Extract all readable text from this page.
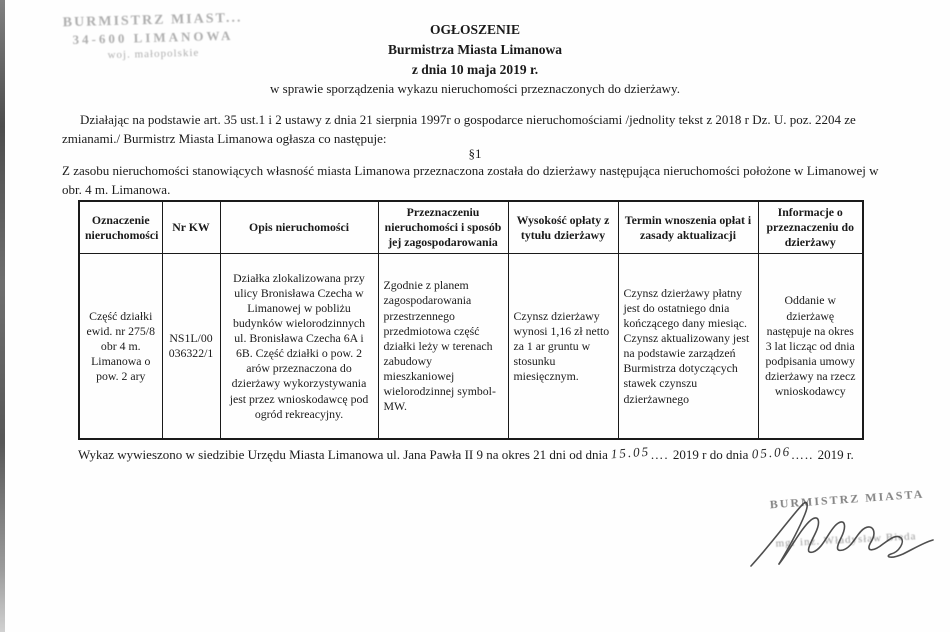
BURMISTRZ MIAST...
34-600 LIMANOWA
woj. małopolskie
OGŁOSZENIE
Burmistrza Miasta Limanowa
z dnia 10 maja 2019 r.
w sprawie sporządzenia wykazu nieruchomości przeznaczonych do dzierżawy.
Działając na podstawie art. 35 ust.1 i 2 ustawy z dnia 21 sierpnia 1997r o gospodarce nieruchomościami /jednolity tekst z 2018 r Dz. U. poz. 2204 ze zmianami./ Burmistrz Miasta Limanowa ogłasza co następuje:
§1
Z zasobu nieruchomości stanowiących własność miasta Limanowa przeznaczona została do dzierżawy następująca nieruchomości położone w Limanowej w obr. 4 m. Limanowa.
Oznaczenie nieruchomości	Nr KW	Opis nieruchomości	Przeznaczeniu nieruchomości i sposób jej zagospodarowania	Wysokość opłaty z tytułu dzierżawy	Termin wnoszenia opłat i zasady aktualizacji	Informacje o przeznaczeniu do dzierżawy
Część działki ewid. nr 275/8 obr 4 m. Limanowa o pow. 2 ary	NS1L/00 036322/1	Działka zlokalizowana przy ulicy Bronisława Czecha w Limanowej w pobliżu budynków wielorodzinnych ul. Bronisława Czecha 6A i 6B. Część działki o pow. 2 arów przeznaczona do dzierżawy wykorzystywania jest przez wnioskodawcę pod ogród rekreacyjny.	Zgodnie z planem zagospodarowania przestrzennego przedmiotowa część działki leży w terenach zabudowy mieszkaniowej wielorodzinnej symbol- MW.	Czynsz dzierżawy wynosi 1,16 zł netto za 1 ar gruntu w stosunku miesięcznym.	Czynsz dzierżawy płatny jest do ostatniego dnia kończącego dany miesiąc. Czynsz aktualizowany jest na podstawie zarządzeń Burmistrza dotyczących stawek czynszu dzierżawnego	Oddanie w dzierżawę następuje na okres 3 lat licząc od dnia podpisania umowy dzierżawy na rzecz wnioskodawcy
Wykaz wywieszono w siedzibie Urzędu Miasta Limanowa ul. Jana Pawła II 9 na okres 21 dni od dnia 15.05…. 2019 r do dnia 05.06….. 2019 r.
BURMISTRZ MIASTA
mgr inż. Władysław Bieda
